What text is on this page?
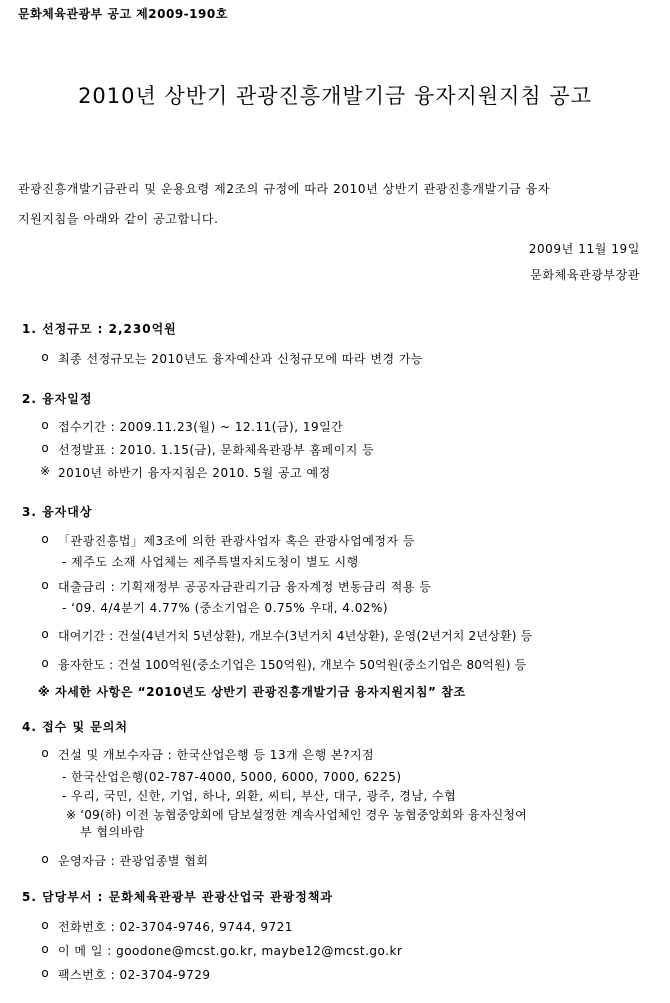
문화체육관광부 공고 제2009-190호
2010년 상반기 관광진흥개발기금 융자지원지침 공고
관광진흥개발기금관리 및 운용요령 제2조의 규정에 따라 2010년 상반기 관광진흥개발기금 융자
지원지침을 아래와 같이 공고합니다.
2009년 11월 19일
문화체육관광부장관
1. 선정규모 : 2,230억원
o 최종 선정규모는 2010년도 융자예산과 신청규모에 따라 변경 가능
2. 융자일정
o 접수기간 : 2009.11.23(월) ~ 12.11(금), 19일간
o 선정발표 : 2010. 1.15(금), 문화체육관광부 홈페이지 등
※ 2010년 하반기 융자지침은 2010. 5월 공고 예정
3. 융자대상
o 「관광진흥법」제3조에 의한 관광사업자 혹은 관광사업예정자 등
- 제주도 소재 사업체는 제주특별자치도청이 별도 시행
o 대출금리 : 기획재정부 공공자금관리기금 융자계정 변동금리 적용 등
- ‘09. 4/4분기 4.77% (중소기업은 0.75% 우대, 4.02%)
o 대여기간 : 건설(4년거치 5년상환), 개보수(3년거치 4년상환), 운영(2년거치 2년상환) 등
o 융자한도 : 건설 100억원(중소기업은 150억원), 개보수 50억원(중소기업은 80억원) 등
※ 자세한 사항은 “2010년도 상반기 관광진흥개발기금 융자지원지침” 참조
4. 접수 및 문의처
o 건설 및 개보수자금 : 한국산업은행 등 13개 은행 본?지점
- 한국산업은행(02-787-4000, 5000, 6000, 7000, 6225)
- 우리, 국민, 신한, 기업, 하나, 외환, 씨티, 부산, 대구, 광주, 경남, 수협
※ ‘09(하) 이전 농협중앙회에 담보설정한 계속사업체인 경우 농협중앙회와 융자신청여
부 협의바람
o 운영자금 : 관광업종별 협회
5. 담당부서 : 문화체육관광부 관광산업국 관광정책과
o 전화번호 : 02-3704-9746, 9744, 9721
o 이 메 일 : goodone@mcst.go.kr, maybe12@mcst.go.kr
o 팩스번호 : 02-3704-9729
